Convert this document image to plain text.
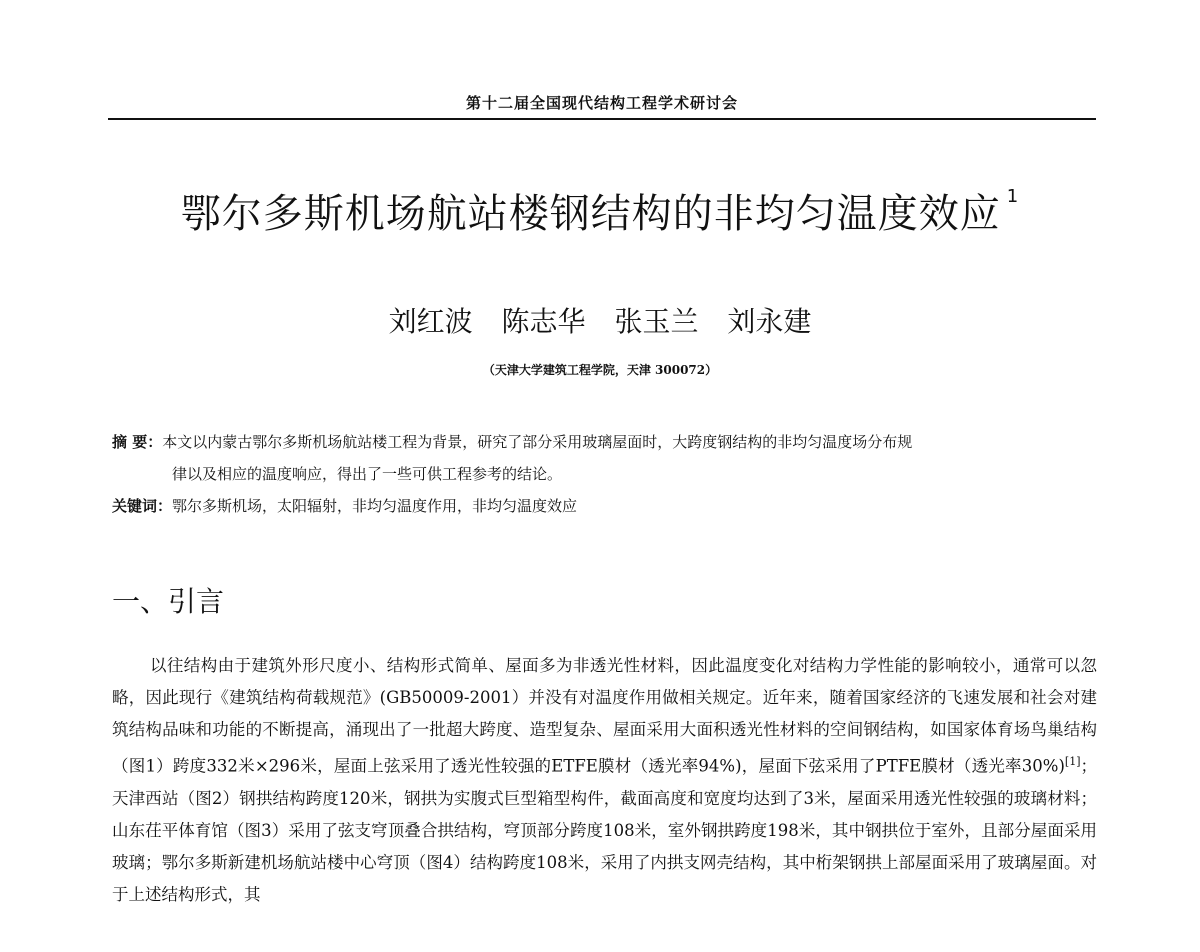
第十二届全国现代结构工程学术研讨会
鄂尔多斯机场航站楼钢结构的非均匀温度效应 $^1$
刘红波 陈志华 张玉兰 刘永建
（天津大学建筑工程学院，天津 300072）
摘 要：本文以内蒙古鄂尔多斯机场航站楼工程为背景，研究了部分采用玻璃屋面时，大跨度钢结构的非均匀温度场分布规
律以及相应的温度响应，得出了一些可供工程参考的结论。
关键词：鄂尔多斯机场，太阳辐射，非均匀温度作用，非均匀温度效应
一、引言

以往结构由于建筑外形尺度小、结构形式简单、屋面多为非透光性材料，因此温度变化对结构力学性能的影响较小，通常可以忽略，因此现行《建筑结构荷载规范》(GB50009-2001）并没有对温度作用做相关规定。近年来，随着国家经济的飞速发展和社会对建筑结构品味和功能的不断提高，涌现出了一批超大跨度、造型复杂、屋面采用大面积透光性材料的空间钢结构，如国家体育场鸟巢结构（图1）跨度332米×296米，屋面上弦采用了透光性较强的ETFE膜材（透光率94%)，屋面下弦采用了PTFE膜材（透光率30%)[1]；天津西站（图2）钢拱结构跨度120米，钢拱为实腹式巨型箱型构件，截面高度和宽度均达到了3米，屋面采用透光性较强的玻璃材料；山东茌平体育馆（图3）采用了弦支穹顶叠合拱结构，穹顶部分跨度108米，室外钢拱跨度198米，其中钢拱位于室外，且部分屋面采用玻璃；鄂尔多斯新建机场航站楼中心穹顶（图4）结构跨度108米，采用了内拱支网壳结构，其中桁架钢拱上部屋面采用了玻璃屋面。对于上述结构形式，其
